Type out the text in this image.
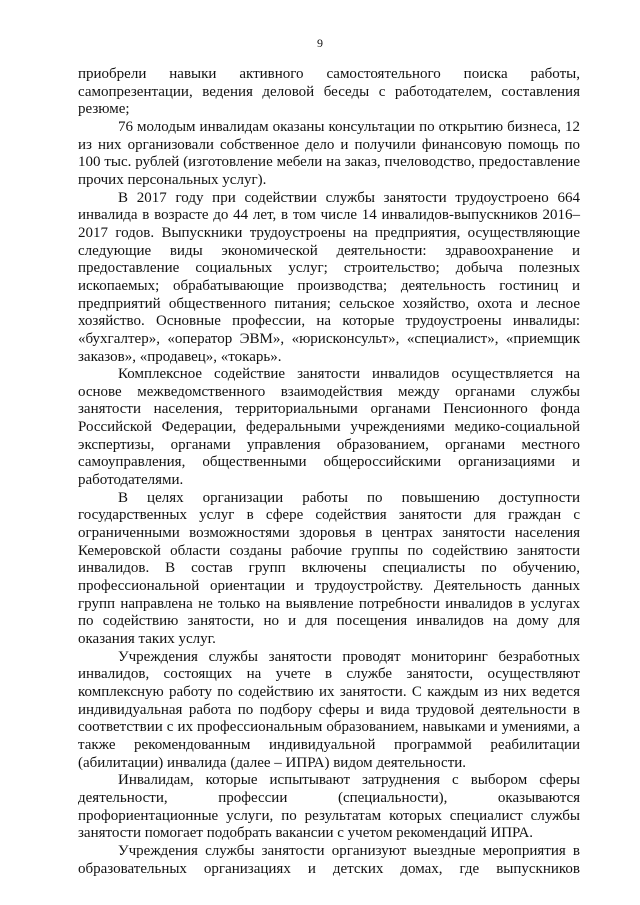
9

приобрели навыки активного самостоятельного поиска работы, самопрезентации, ведения деловой беседы с работодателем, составления резюме;

76 молодым инвалидам оказаны консультации по открытию бизнеса, 12 из них организовали собственное дело и получили финансовую помощь по 100 тыс. рублей (изготовление мебели на заказ, пчеловодство, предоставление прочих персональных услуг).

В 2017 году при содействии службы занятости трудоустроено 664 инвалида в возрасте до 44 лет, в том числе 14 инвалидов-выпускников 2016–2017 годов. Выпускники трудоустроены на предприятия, осуществляющие следующие виды экономической деятельности: здравоохранение и предоставление социальных услуг; строительство; добыча полезных ископаемых; обрабатывающие производства; деятельность гостиниц и предприятий общественного питания; сельское хозяйство, охота и лесное хозяйство. Основные профессии, на которые трудоустроены инвалиды: «бухгалтер», «оператор ЭВМ», «юрисконсульт», «специалист», «приемщик заказов», «продавец», «токарь».

Комплексное содействие занятости инвалидов осуществляется на основе межведомственного взаимодействия между органами службы занятости населения, территориальными органами Пенсионного фонда Российской Федерации, федеральными учреждениями медико-социальной экспертизы, органами управления образованием, органами местного самоуправления, общественными общероссийскими организациями и работодателями.

В целях организации работы по повышению доступности государственных услуг в сфере содействия занятости для граждан с ограниченными возможностями здоровья в центрах занятости населения Кемеровской области созданы рабочие группы по содействию занятости инвалидов. В состав групп включены специалисты по обучению, профессиональной ориентации и трудоустройству. Деятельность данных групп направлена не только на выявление потребности инвалидов в услугах по содействию занятости, но и для посещения инвалидов на дому для оказания таких услуг.

Учреждения службы занятости проводят мониторинг безработных инвалидов, состоящих на учете в службе занятости, осуществляют комплексную работу по содействию их занятости. С каждым из них ведется индивидуальная работа по подбору сферы и вида трудовой деятельности в соответствии с их профессиональным образованием, навыками и умениями, а также рекомендованным индивидуальной программой реабилитации (абилитации) инвалида (далее – ИПРА) видом деятельности.

Инвалидам, которые испытывают затруднения с выбором сферы деятельности, профессии (специальности), оказываются профориентационные услуги, по результатам которых специалист службы занятости помогает подобрать вакансии с учетом рекомендаций ИПРА.

Учреждения службы занятости организуют выездные мероприятия в образовательных организациях и детских домах, где выпускников
